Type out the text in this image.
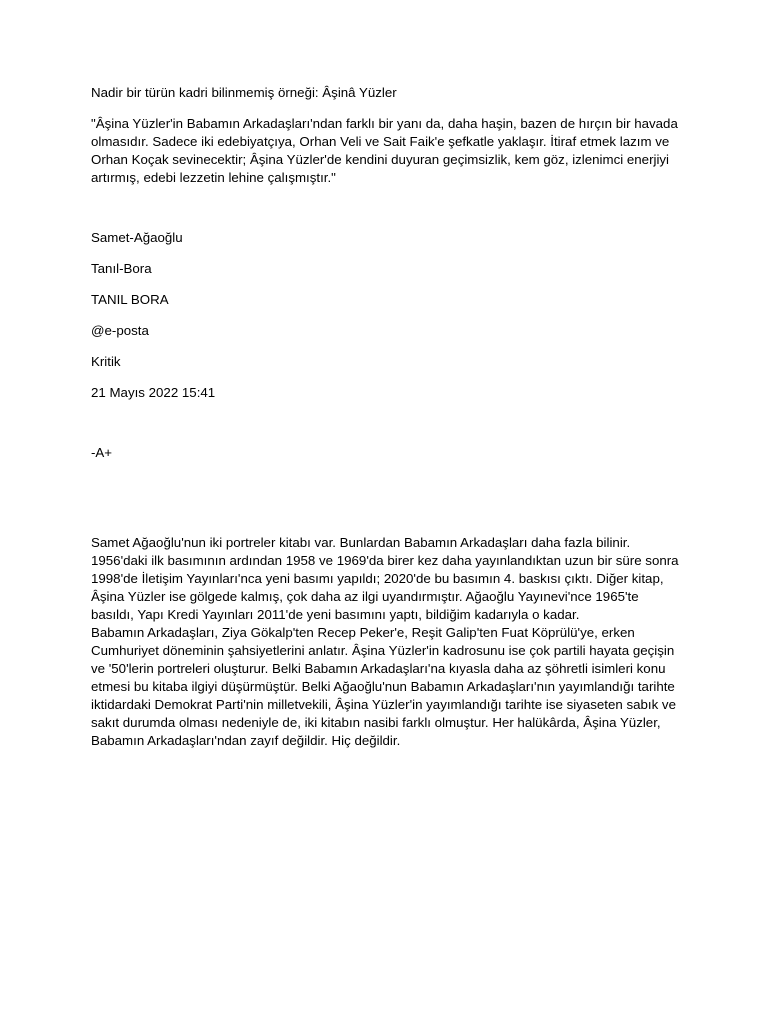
Nadir bir türün kadri bilinmemiş örneği: Âşinâ Yüzler

"Âşina Yüzler'in Babamın Arkadaşları'ndan farklı bir yanı da, daha haşin, bazen de hırçın bir havada olmasıdır. Sadece iki edebiyatçıya, Orhan Veli ve Sait Faik'e şefkatle yaklaşır. İtiraf etmek lazım ve Orhan Koçak sevinecektir; Âşina Yüzler'de kendini duyuran geçimsizlik, kem göz, izlenimci enerjiyi artırmış, edebi lezzetin lehine çalışmıştır."

Samet-Ağaoğlu

Tanıl-Bora

TANIL BORA

@e-posta

Kritik

21 Mayıs 2022 15:41

-A+

Samet Ağaoğlu'nun iki portreler kitabı var. Bunlardan Babamın Arkadaşları daha fazla bilinir. 1956'daki ilk basımının ardından 1958 ve 1969'da birer kez daha yayınlandıktan uzun bir süre sonra 1998'de İletişim Yayınları'nca yeni basımı yapıldı; 2020'de bu basımın 4. baskısı çıktı. Diğer kitap, Âşina Yüzler ise gölgede kalmış, çok daha az ilgi uyandırmıştır. Ağaoğlu Yayınevi'nce 1965'te basıldı, Yapı Kredi Yayınları 2011'de yeni basımını yaptı, bildiğim kadarıyla o kadar.

Babamın Arkadaşları, Ziya Gökalp'ten Recep Peker'e, Reşit Galip'ten Fuat Köprülü'ye, erken Cumhuriyet döneminin şahsiyetlerini anlatır. Âşina Yüzler'in kadrosunu ise çok partili hayata geçişin ve '50'lerin portreleri oluşturur. Belki Babamın Arkadaşları'na kıyasla daha az şöhretli isimleri konu etmesi bu kitaba ilgiyi düşürmüştür. Belki Ağaoğlu'nun Babamın Arkadaşları'nın yayımlandığı tarihte iktidardaki Demokrat Parti'nin milletvekili, Âşina Yüzler'in yayımlandığı tarihte ise siyaseten sabık ve sakıt durumda olması nedeniyle de, iki kitabın nasibi farklı olmuştur. Her halükârda, Âşina Yüzler, Babamın Arkadaşları'ndan zayıf değildir. Hiç değildir.
